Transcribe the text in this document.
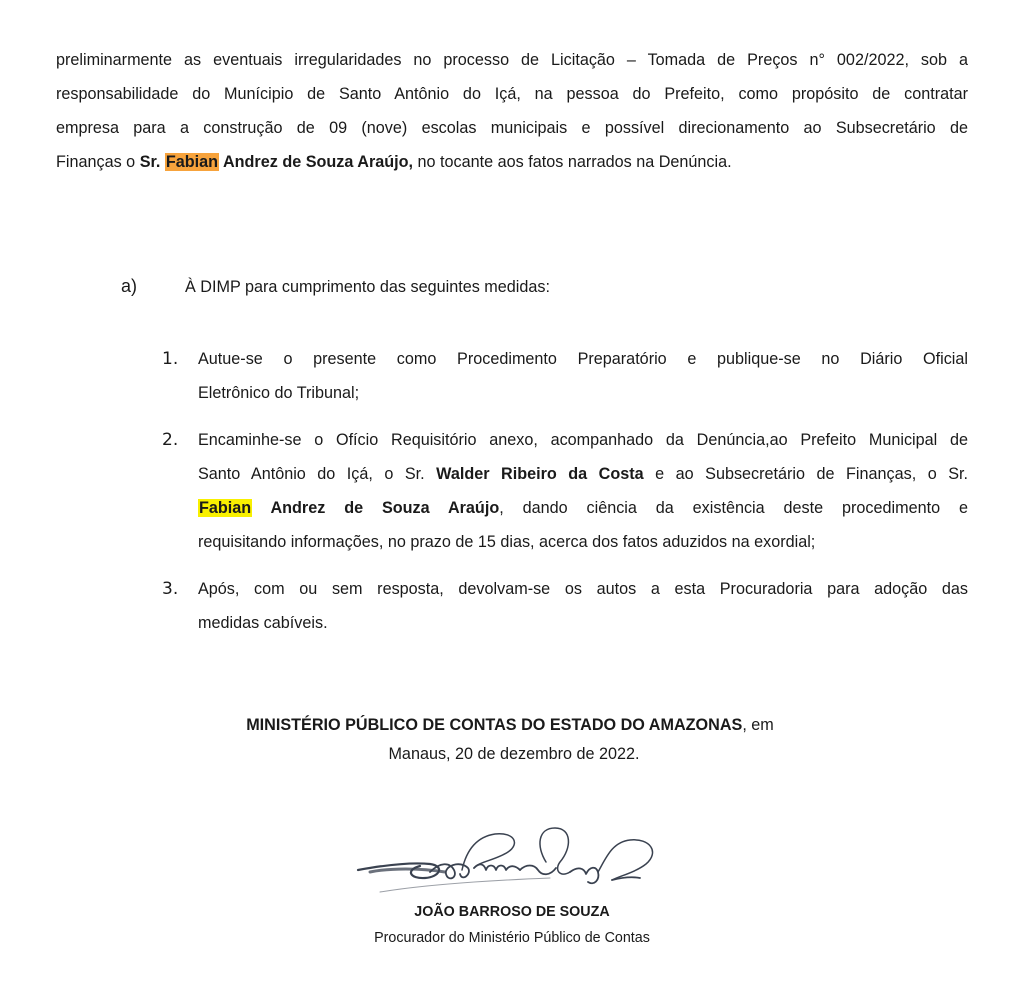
preliminarmente as eventuais irregularidades no processo de Licitação – Tomada de Preços n° 002/2022, sob a
responsabilidade do Munícipio de Santo Antônio do Içá, na pessoa do Prefeito, como propósito de contratar
empresa para a construção de 09 (nove) escolas municipais e possível direcionamento ao Subsecretário de
Finanças o Sr. Fabian Andrez de Souza Araújo, no tocante aos fatos narrados na Denúncia.
a)	À DIMP para cumprimento das seguintes medidas:
1. Autue-se o presente como Procedimento Preparatório e publique-se no Diário Oficial
Eletrônico do Tribunal;
2. Encaminhe-se o Ofício Requisitório anexo, acompanhado da Denúncia,ao Prefeito Municipal de
Santo Antônio do Içá, o Sr. Walder Ribeiro da Costa e ao Subsecretário de Finanças, o Sr.
Fabian Andrez de Souza Araújo, dando ciência da existência deste procedimento e
requisitando informações, no prazo de 15 dias, acerca dos fatos aduzidos na exordial;
3. Após, com ou sem resposta, devolvam-se os autos a esta Procuradoria para adoção das
medidas cabíveis.
MINISTÉRIO PÚBLICO DE CONTAS DO ESTADO DO AMAZONAS, em
Manaus, 20 de dezembro de 2022.
JOÃO BARROSO DE SOUZA
Procurador do Ministério Público de Contas
